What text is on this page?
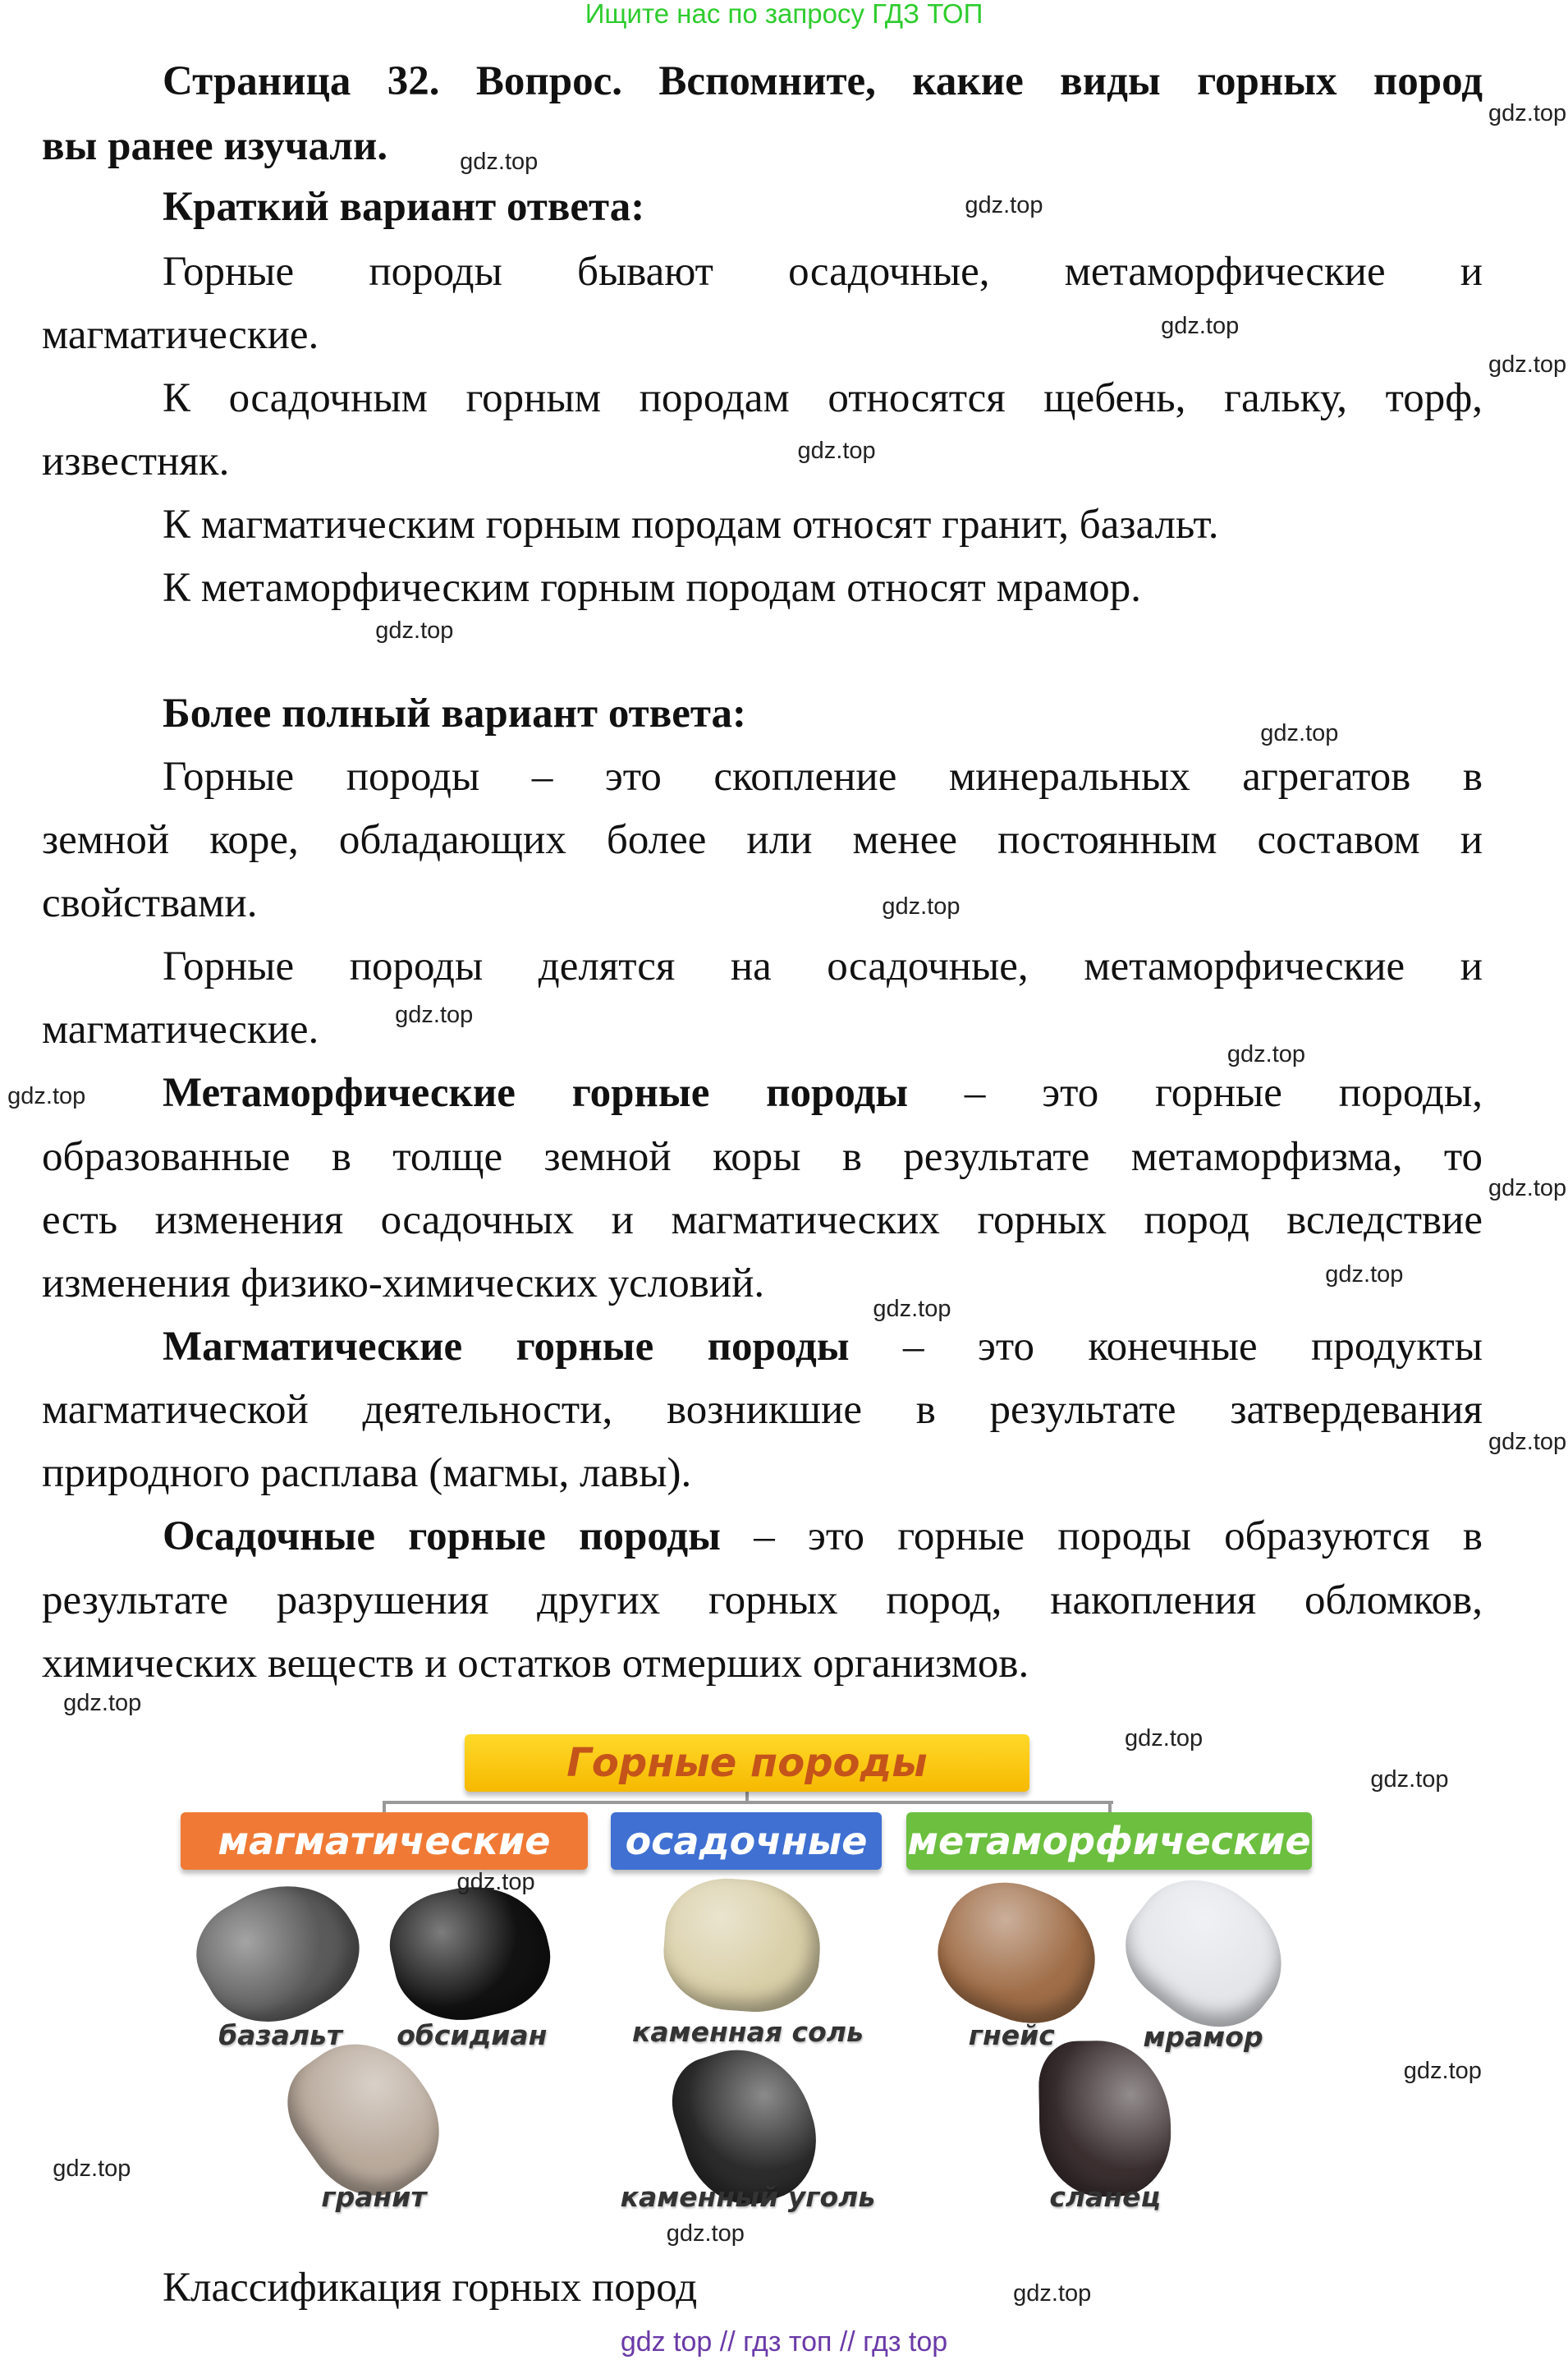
Ищите нас по запросу ГДЗ ТОП
Страница 32. Вопрос. Вспомните, какие виды горных пород
вы ранее изучали.
Краткий вариант ответа:
Горные породы бывают осадочные, метаморфические и
магматические.
К осадочным горным породам относятся щебень, гальку, торф,
известняк.
К магматическим горным породам относят гранит, базальт.
К метаморфическим горным породам относят мрамор.
Более полный вариант ответа:
Горные породы – это скопление минеральных агрегатов в
земной коре, обладающих более или менее постоянным составом и
свойствами.
Горные породы делятся на осадочные, метаморфические и
магматические.
Метаморфические горные породы – это горные породы,
образованные в толще земной коры в результате метаморфизма, то
есть изменения осадочных и магматических горных пород вследствие
изменения физико-химических условий.
Магматические горные породы – это конечные продукты
магматической деятельности, возникшие в результате затвердевания
природного расплава (магмы, лавы).
Осадочные горные породы – это горные породы образуются в
результате разрушения других горных пород, накопления обломков,
химических веществ и остатков отмерших организмов.
Горные породы
магматические осадочные метаморфические
базальт обсидиан	каменная соль	гнейс	мрамор
гранит	каменный уголь	сланец
Классификация горных пород
gdz.top
gdz.top
gdz.top
gdz.top
gdz.top
gdz.top
gdz.top
gdz.top
gdz.top
gdz.top
gdz.top
gdz.top
gdz.top
gdz.top
gdz.top
gdz.top
gdz.top
gdz.top
gdz.top
gdz.top
gdz.top
gdz.top
gdz.top
gdz.top
gdz top // гдз топ // гдз top
